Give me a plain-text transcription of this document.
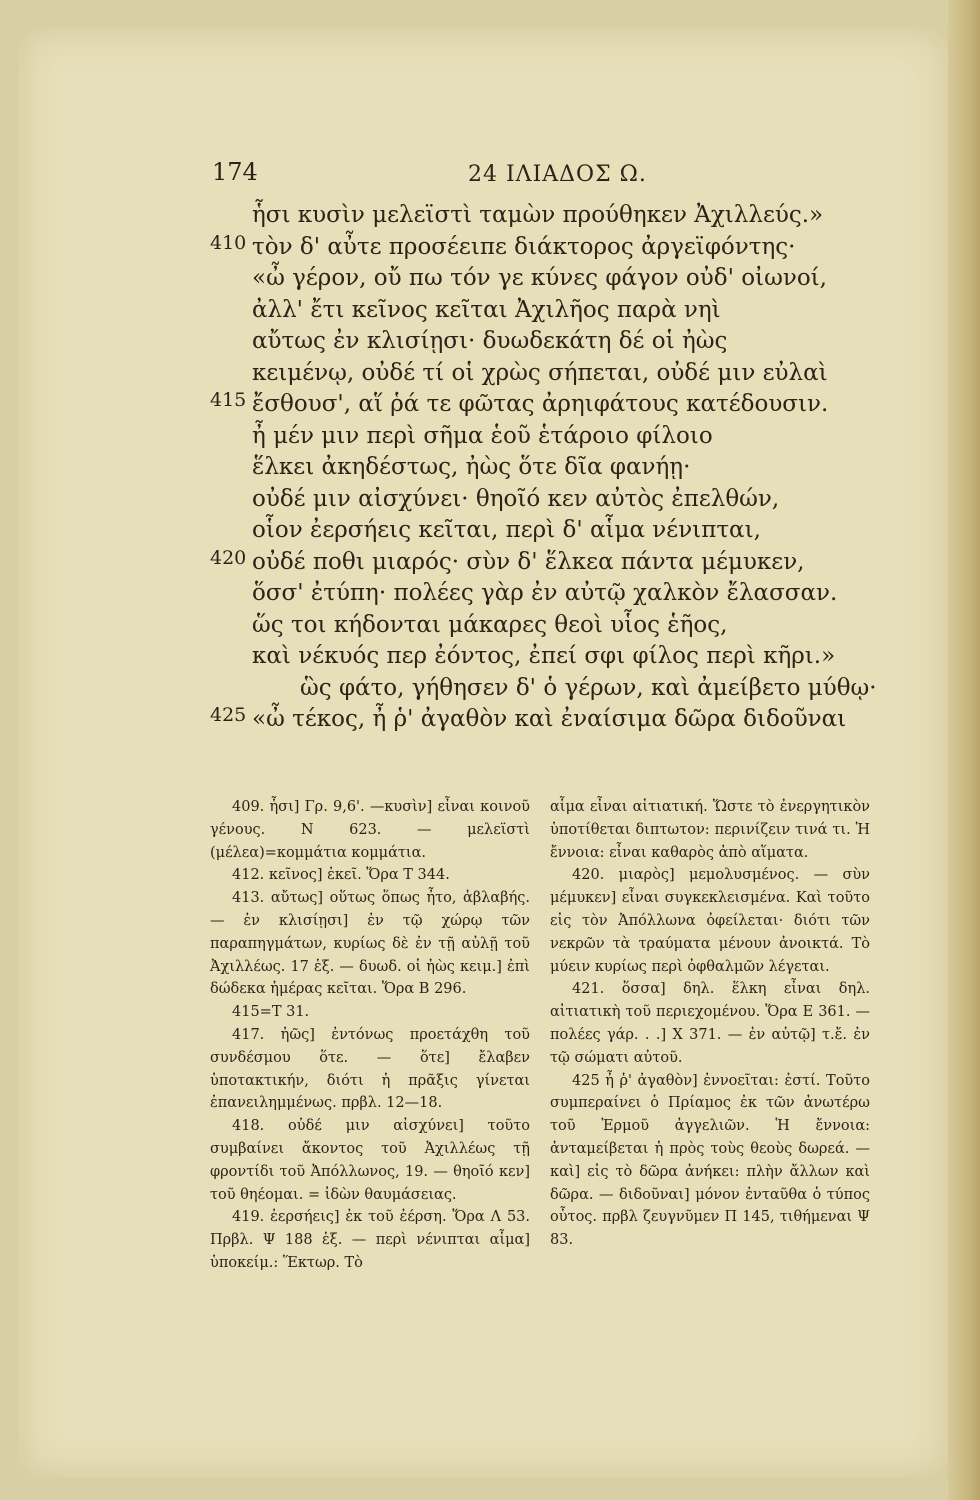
174	24 ΙΛΙΑΔΟΣ Ω.
ἧσι κυσὶν μελεϊστὶ ταμὼν προύθηκεν Ἀχιλλεύς.»
410 τὸν δ' αὖτε προσέειπε διάκτορος ἀργεϊφόντης·
«ὦ γέρον, οὔ πω τόν γε κύνες φάγον οὐδ' οἰωνοί,
ἀλλ' ἔτι κεῖνος κεῖται Ἀχιλῆος παρὰ νηὶ
αὔτως ἐν κλισίῃσι· δυωδεκάτη δέ οἱ ἠὼς
κειμένῳ, οὐδέ τί οἱ χρὼς σήπεται, οὐδέ μιν εὐλαὶ
415 ἔσθουσ', αἵ ῥά τε φῶτας ἀρηιφάτους κατέδουσιν.
ἦ μέν μιν περὶ σῆμα ἑοῦ ἑτάροιο φίλοιο
ἕλκει ἀκηδέστως, ἠὼς ὅτε δῖα φανήῃ·
οὐδέ μιν αἰσχύνει· θηοῖό κεν αὐτὸς ἐπελθών,
οἷον ἐερσήεις κεῖται, περὶ δ' αἷμα νένιπται,
420 οὐδέ ποθι μιαρός· σὺν δ' ἕλκεα πάντα μέμυκεν,
ὅσσ' ἐτύπη· πολέες γὰρ ἐν αὐτῷ χαλκὸν ἔλασσαν.
ὥς τοι κήδονται μάκαρες θεοὶ υἷος ἑῆος,
καὶ νέκυός περ ἐόντος, ἐπεί σφι φίλος περὶ κῆρι.»
ὣς φάτο, γήθησεν δ' ὁ γέρων, καὶ ἀμείβετο μύθῳ·
425 «ὦ τέκος, ἦ ῥ' ἀγαθὸν καὶ ἐναίσιμα δῶρα διδοῦναι

409. ἧσι] Γρ. 9,6'. —κυσὶν] εἶναι κοινοῦ γένους. Ν 623. — μελεϊστὶ (μέλεα)=κομμάτια κομμάτια.

412. κεῖνος] ἐκεῖ. Ὅρα Τ 344.

413. αὔτως] οὕτως ὅπως ἦτο, ἀβλαβής. — ἐν κλισίῃσι] ἐν τῷ χώρῳ τῶν παραπηγμάτων, κυρίως δὲ ἐν τῇ αὐλῇ τοῦ Ἀχιλλέως. 17 ἑξ. — δυωδ. οἱ ἠὼς κειμ.] ἐπὶ δώδεκα ἡμέρας κεῖται. Ὅρα Β 296.

415=Τ 31.

417. ἠῶς] ἐντόνως προετάχθη τοῦ συνδέσμου ὅτε. — ὅτε] ἔλαβεν ὑποτακτικήν, διότι ἡ πρᾶξις γίνεται ἐπανειλημμένως. πρβλ. 12—18.

418. οὐδέ μιν αἰσχύνει] τοῦτο συμβαίνει ἄκοντος τοῦ Ἀχιλλέως τῇ φροντίδι τοῦ Ἀπόλλωνος, 19. — θηοῖό κεν] τοῦ θηέομαι. = ἰδὼν θαυμάσειας.

419. ἐερσήεις] ἐκ τοῦ ἐέρση. Ὅρα Λ 53. Πρβλ. Ψ 188 ἑξ. — περὶ νένιπται αἷμα] ὑποκείμ.: Ἕκτωρ. Τὸ

αἷμα εἶναι αἰτιατική. Ὥστε τὸ ἐνεργητικὸν ὑποτίθεται διπτωτον: περινίζειν τινά τι. Ἡ ἔννοια: εἶναι καθαρὸς ἀπὸ αἵματα.

420. μιαρὸς] μεμολυσμένος. — σὺν μέμυκεν] εἶναι συγκεκλεισμένα. Καὶ τοῦτο εἰς τὸν Ἀπόλλωνα ὀφείλεται· διότι τῶν νεκρῶν τὰ τραύματα μένουν ἀνοικτά. Τὸ μύειν κυρίως περὶ ὀφθαλμῶν λέγεται.

421. ὅσσα] δηλ. ἕλκη εἶναι δηλ. αἰτιατικὴ τοῦ περιεχομένου. Ὅρα Ε 361. —πολέες γάρ. . .] Χ 371. — ἐν αὐτῷ] τ.ἔ. ἐν τῷ σώματι αὐτοῦ.

425 ἦ ῥ' ἀγαθὸν] ἐννοεῖται: ἐστί. Τοῦτο συμπεραίνει ὁ Πρίαμος ἐκ τῶν ἀνωτέρω τοῦ Ἑρμοῦ ἀγγελιῶν. Ἡ ἔννοια: ἀνταμείβεται ἡ πρὸς τοὺς θεοὺς δωρεά. —καὶ] εἰς τὸ δῶρα ἀνήκει: πλὴν ἄλλων καὶ δῶρα. — διδοῦναι] μόνον ἐνταῦθα ὁ τύπος οὗτος. πρβλ ζευγνῦμεν Π 145, τιθήμεναι Ψ 83.
